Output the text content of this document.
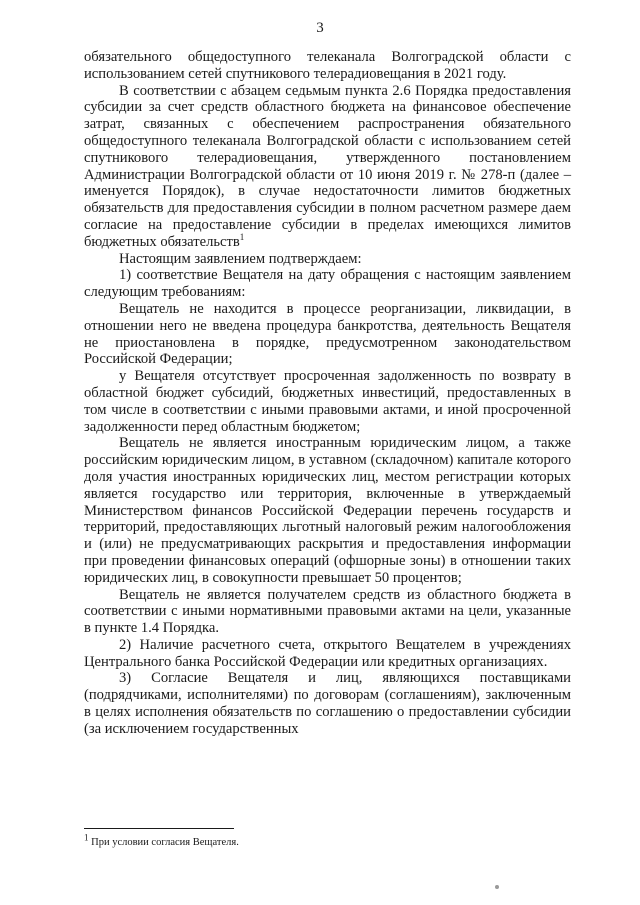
3

обязательного общедоступного телеканала Волгоградской области с использованием сетей спутникового телерадиовещания в 2021 году.

В соответствии с абзацем седьмым пункта 2.6 Порядка предоставления субсидии за счет средств областного бюджета на финансовое обеспечение затрат, связанных с обеспечением распространения обязательного общедоступного телеканала Волгоградской области с использованием сетей спутникового телерадиовещания, утвержденного постановлением Администрации Волгоградской области от 10 июня 2019 г. № 278-п (далее – именуется Порядок), в случае недостаточности лимитов бюджетных обязательств для предоставления субсидии в полном расчетном размере даем согласие на предоставление субсидии в пределах имеющихся лимитов бюджетных обязательств$^1$

Настоящим заявлением подтверждаем:

1) соответствие Вещателя на дату обращения с настоящим заявлением следующим требованиям:

Вещатель не находится в процессе реорганизации, ликвидации, в отношении него не введена процедура банкротства, деятельность Вещателя не приостановлена в порядке, предусмотренном законодательством Российской Федерации;

у Вещателя отсутствует просроченная задолженность по возврату в областной бюджет субсидий, бюджетных инвестиций, предоставленных в том числе в соответствии с иными правовыми актами, и иной просроченной задолженности перед областным бюджетом;

Вещатель не является иностранным юридическим лицом, а также российским юридическим лицом, в уставном (складочном) капитале которого доля участия иностранных юридических лиц, местом регистрации которых является государство или территория, включенные в утверждаемый Министерством финансов Российской Федерации перечень государств и территорий, предоставляющих льготный налоговый режим налогообложения и (или) не предусматривающих раскрытия и предоставления информации при проведении финансовых операций (офшорные зоны) в отношении таких юридических лиц, в совокупности превышает 50 процентов;

Вещатель не является получателем средств из областного бюджета в соответствии с иными нормативными правовыми актами на цели, указанные в пункте 1.4 Порядка.

2) Наличие расчетного счета, открытого Вещателем в учреждениях Центрального банка Российской Федерации или кредитных организациях.

3) Согласие Вещателя и лиц, являющихся поставщиками (подрядчиками, исполнителями) по договорам (соглашениям), заключенным в целях исполнения обязательств по соглашению о предоставлении субсидии (за исключением государственных

$^1$ При условии согласия Вещателя.
